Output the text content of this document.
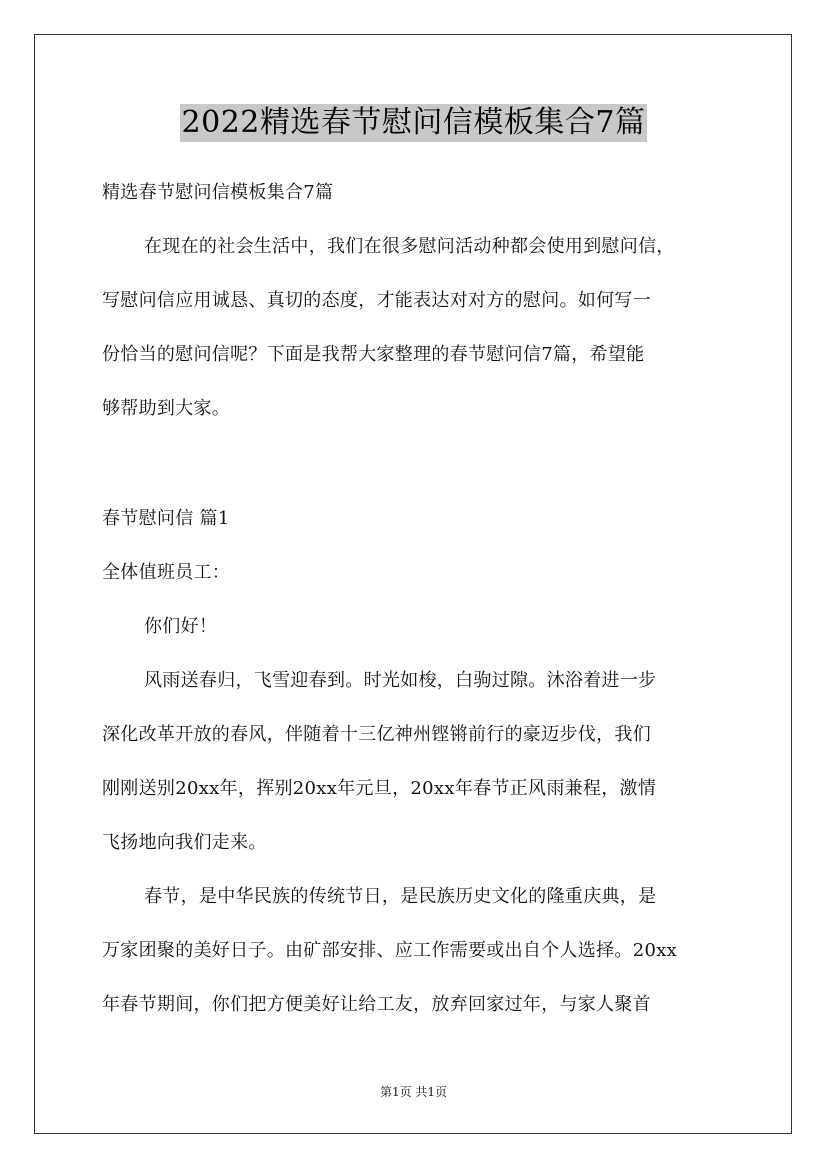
2022精选春节慰问信模板集合7篇
精选春节慰问信模板集合7篇
在现在的社会生活中，我们在很多慰问活动种都会使用到慰问信，
写慰问信应用诚恳、真切的态度，才能表达对对方的慰问。如何写一
份恰当的慰问信呢？下面是我帮大家整理的春节慰问信7篇，希望能
够帮助到大家。
春节慰问信 篇1
全体值班员工：
你们好！
风雨送春归，飞雪迎春到。时光如梭，白驹过隙。沐浴着进一步
深化改革开放的春风，伴随着十三亿神州铿锵前行的豪迈步伐，我们
刚刚送别20xx年，挥别20xx年元旦，20xx年春节正风雨兼程，激情
飞扬地向我们走来。
春节，是中华民族的传统节日，是民族历史文化的隆重庆典，是
万家团聚的美好日子。由矿部安排、应工作需要或出自个人选择。20xx
年春节期间，你们把方便美好让给工友，放弃回家过年，与家人聚首
第1页 共1页
